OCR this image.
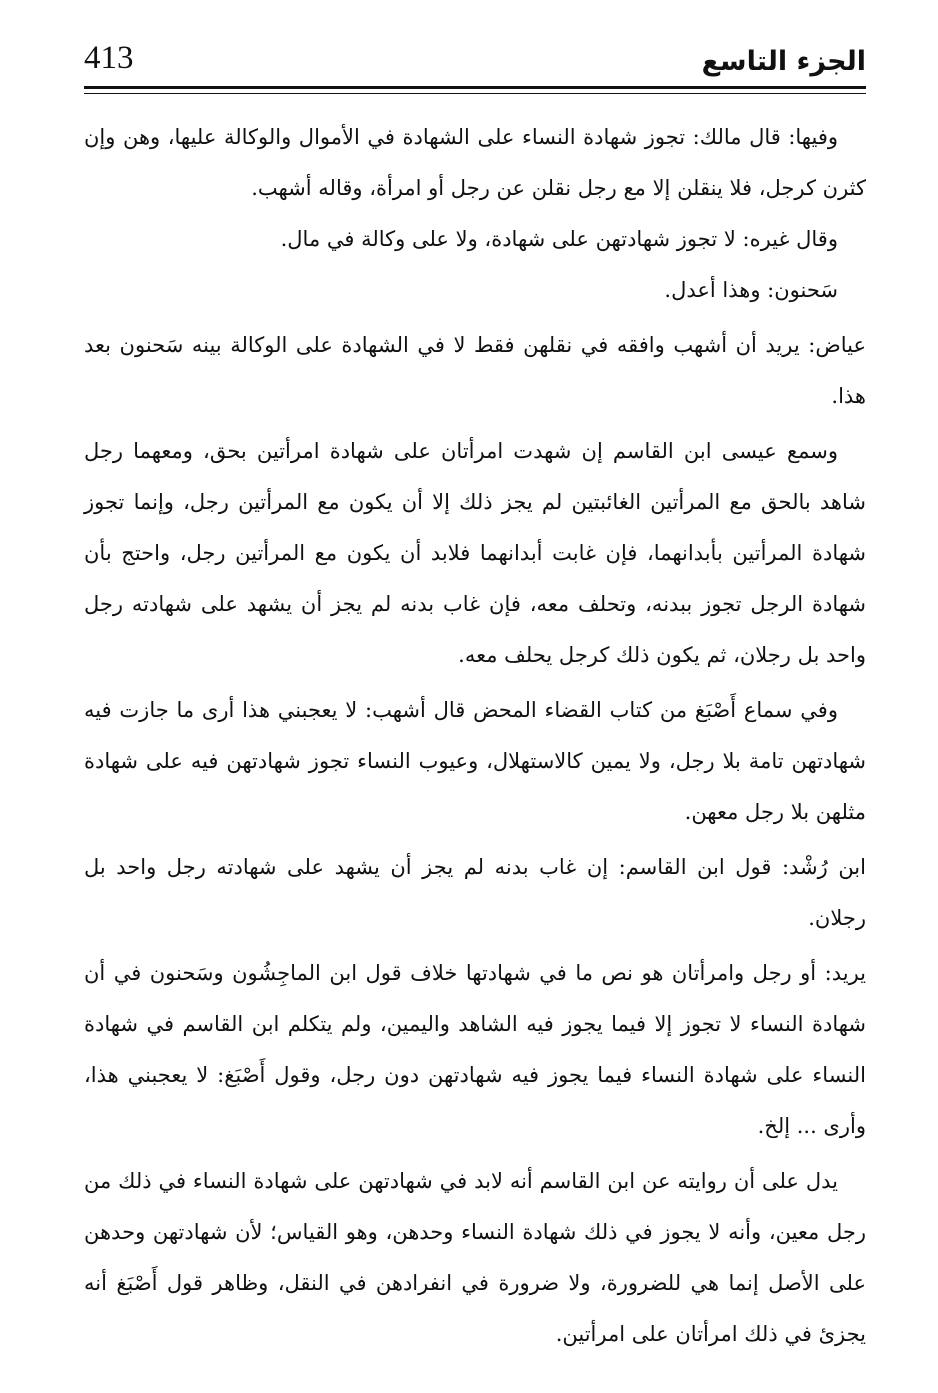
الجزء التاسع
413

وفيها: قال مالك: تجوز شهادة النساء على الشهادة في الأموال والوكالة عليها، وهن وإن كثرن كرجل، فلا ينقلن إلا مع رجل نقلن عن رجل أو امرأة، وقاله أشهب.

وقال غيره: لا تجوز شهادتهن على شهادة، ولا على وكالة في مال.

سَحنون: وهذا أعدل.

عياض: يريد أن أشهب وافقه في نقلهن فقط لا في الشهادة على الوكالة بينه سَحنون بعد هذا.

وسمع عيسى ابن القاسم إن شهدت امرأتان على شهادة امرأتين بحق، ومعهما رجل شاهد بالحق مع المرأتين الغائبتين لم يجز ذلك إلا أن يكون مع المرأتين رجل، وإنما تجوز شهادة المرأتين بأبدانهما، فإن غابت أبدانهما فلابد أن يكون مع المرأتين رجل، واحتج بأن شهادة الرجل تجوز ببدنه، وتحلف معه، فإن غاب بدنه لم يجز أن يشهد على شهادته رجل واحد بل رجلان، ثم يكون ذلك كرجل يحلف معه.

وفي سماع أَصْبَغ من كتاب القضاء المحض قال أشهب: لا يعجبني هذا أرى ما جازت فيه شهادتهن تامة بلا رجل، ولا يمين كالاستهلال، وعيوب النساء تجوز شهادتهن فيه على شهادة مثلهن بلا رجل معهن.

ابن رُشْد: قول ابن القاسم: إن غاب بدنه لم يجز أن يشهد على شهادته رجل واحد بل رجلان.

يريد: أو رجل وامرأتان هو نص ما في شهادتها خلاف قول ابن الماجِشُون وسَحنون في أن شهادة النساء لا تجوز إلا فيما يجوز فيه الشاهد واليمين، ولم يتكلم ابن القاسم في شهادة النساء على شهادة النساء فيما يجوز فيه شهادتهن دون رجل، وقول أَصْبَغ: لا يعجبني هذا، وأرى ... إلخ.

يدل على أن روايته عن ابن القاسم أنه لابد في شهادتهن على شهادة النساء في ذلك من رجل معين، وأنه لا يجوز في ذلك شهادة النساء وحدهن، وهو القياس؛ لأن شهادتهن وحدهن على الأصل إنما هي للضرورة، ولا ضرورة في انفرادهن في النقل، وظاهر قول أَصْبَغ أنه يجزئ في ذلك امرأتان على امرأتين.
